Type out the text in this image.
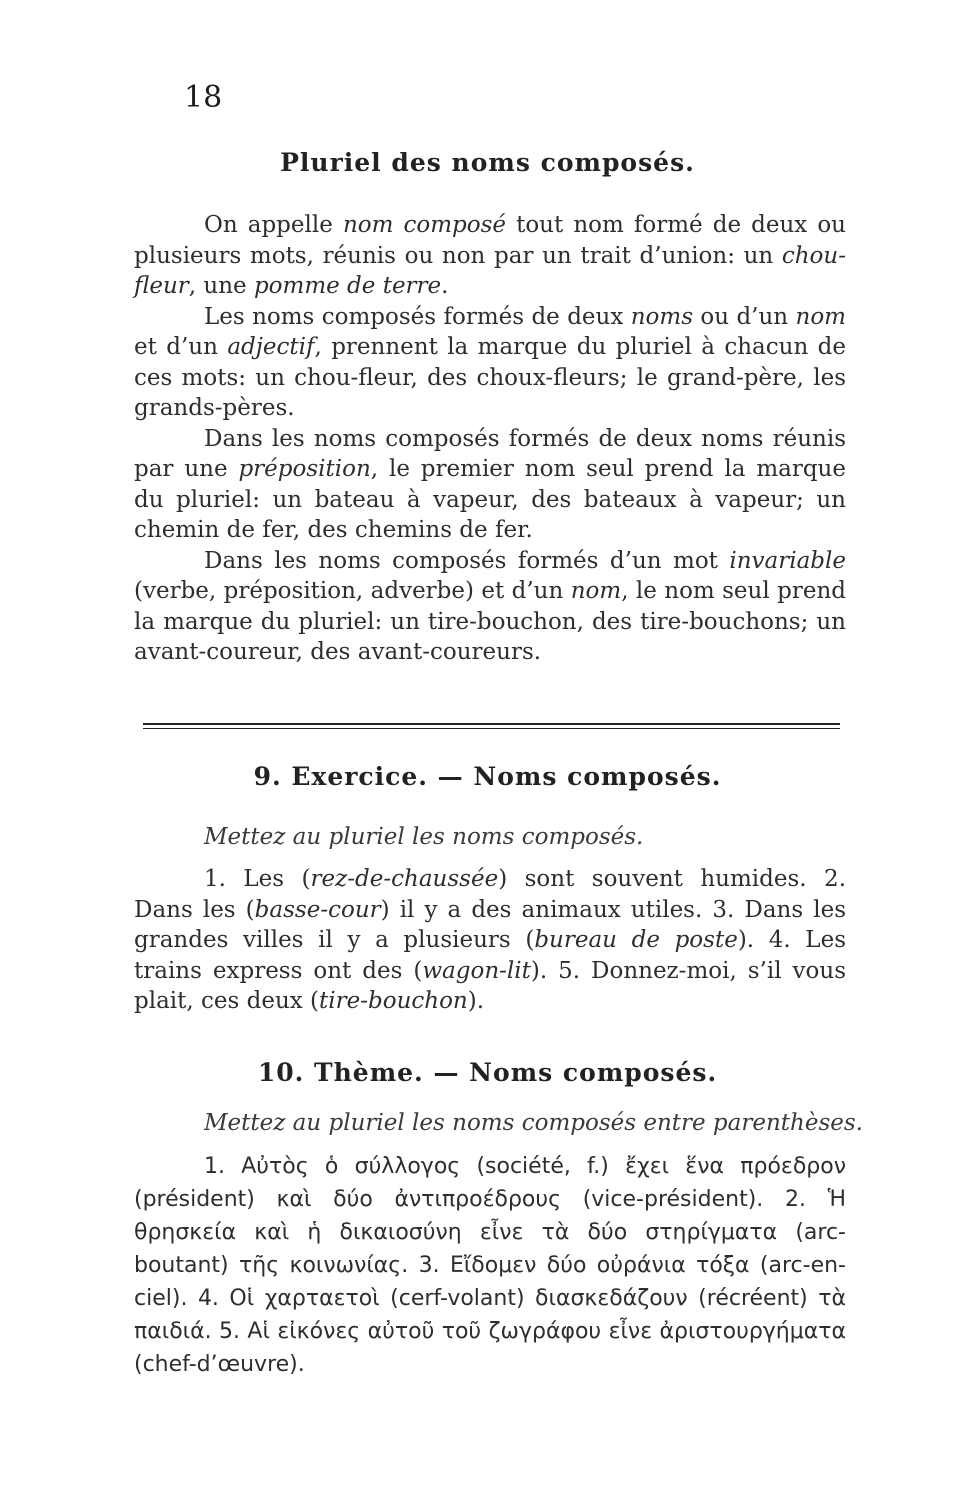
18
Pluriel des noms composés.

On appelle nom composé tout nom formé de deux ou plusieurs mots, réunis ou non par un trait d’union: un chou-fleur, une pomme de terre.

Les noms composés formés de deux noms ou d’un nom et d’un adjectif, prennent la marque du pluriel à chacun de ces mots: un chou-fleur, des choux-fleurs; le grand-père, les grands-pères.

Dans les noms composés formés de deux noms réunis par une préposition, le premier nom seul prend la marque du pluriel: un bateau à vapeur, des bateaux à vapeur; un chemin de fer, des chemins de fer.

Dans les noms composés formés d’un mot invariable (verbe, préposition, adverbe) et d’un nom, le nom seul prend la marque du pluriel: un tire-bouchon, des tire-bouchons; un avant-coureur, des avant-coureurs.

9. Exercice. — Noms composés.
Mettez au pluriel les noms composés.

1. Les (rez-de-chaussée) sont souvent humides. 2. Dans les (basse-cour) il y a des animaux utiles. 3. Dans les grandes villes il y a plusieurs (bureau de poste). 4. Les trains express ont des (wagon-lit). 5. Donnez-moi, s’il vous plait, ces deux (tire-bouchon).

10. Thème. — Noms composés.
Mettez au pluriel les noms composés entre parenthèses.

1. Αὐτὸς ὁ σύλλογος (société, f.) ἔχει ἕνα πρόεδρον (président) καὶ δύο ἀντιπροέδρους (vice-président). 2. Ἡ θρησκεία καὶ ἡ δικαιοσύνη εἶνε τὰ δύο στηρίγματα (arc-boutant) τῆς κοινωνίας. 3. Εἴδομεν δύο οὐράνια τόξα (arc-en-ciel). 4. Οἱ χαρταετοὶ (cerf-volant) διασκεδάζουν (récréent) τὰ παιδιά. 5. Αἱ εἰκόνες αὐτοῦ τοῦ ζωγράφου εἶνε ἀριστουργήματα (chef-d’œuvre).
